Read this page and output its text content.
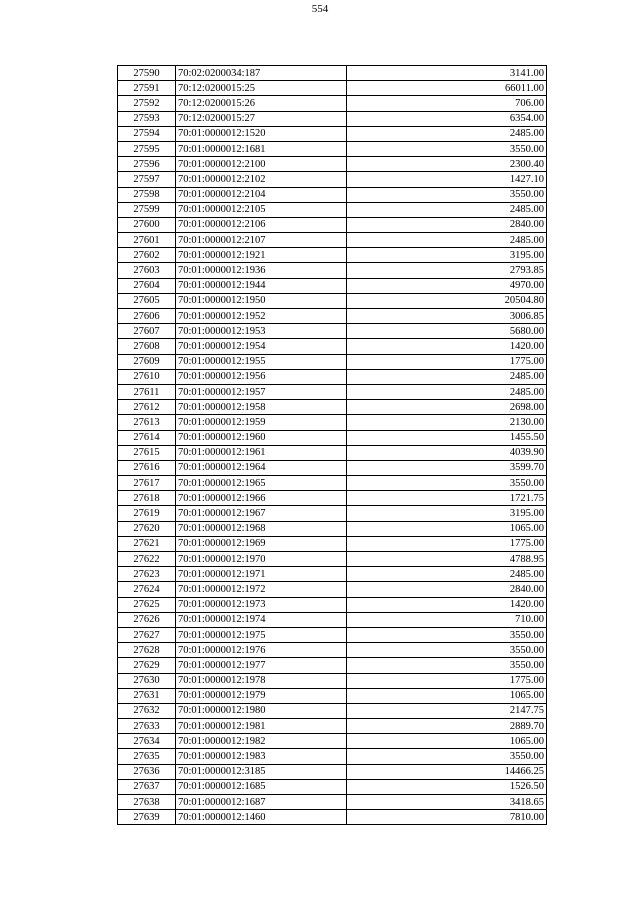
554
27590	70:02:0200034:187	3141.00
27591	70:12:0200015:25	66011.00
27592	70:12:0200015:26	706.00
27593	70:12:0200015:27	6354.00
27594	70:01:0000012:1520	2485.00
27595	70:01:0000012:1681	3550.00
27596	70:01:0000012:2100	2300.40
27597	70:01:0000012:2102	1427.10
27598	70:01:0000012:2104	3550.00
27599	70:01:0000012:2105	2485.00
27600	70:01:0000012:2106	2840.00
27601	70:01:0000012:2107	2485.00
27602	70:01:0000012:1921	3195.00
27603	70:01:0000012:1936	2793.85
27604	70:01:0000012:1944	4970.00
27605	70:01:0000012:1950	20504.80
27606	70:01:0000012:1952	3006.85
27607	70:01:0000012:1953	5680.00
27608	70:01:0000012:1954	1420.00
27609	70:01:0000012:1955	1775.00
27610	70:01:0000012:1956	2485.00
27611	70:01:0000012:1957	2485.00
27612	70:01:0000012:1958	2698.00
27613	70:01:0000012:1959	2130.00
27614	70:01:0000012:1960	1455.50
27615	70:01:0000012:1961	4039.90
27616	70:01:0000012:1964	3599.70
27617	70:01:0000012:1965	3550.00
27618	70:01:0000012:1966	1721.75
27619	70:01:0000012:1967	3195.00
27620	70:01:0000012:1968	1065.00
27621	70:01:0000012:1969	1775.00
27622	70:01:0000012:1970	4788.95
27623	70:01:0000012:1971	2485.00
27624	70:01:0000012:1972	2840.00
27625	70:01:0000012:1973	1420.00
27626	70:01:0000012:1974	710.00
27627	70:01:0000012:1975	3550.00
27628	70:01:0000012:1976	3550.00
27629	70:01:0000012:1977	3550.00
27630	70:01:0000012:1978	1775.00
27631	70:01:0000012:1979	1065.00
27632	70:01:0000012:1980	2147.75
27633	70:01:0000012:1981	2889.70
27634	70:01:0000012:1982	1065.00
27635	70:01:0000012:1983	3550.00
27636	70:01:0000012:3185	14466.25
27637	70:01:0000012:1685	1526.50
27638	70:01:0000012:1687	3418.65
27639	70:01:0000012:1460	7810.00
